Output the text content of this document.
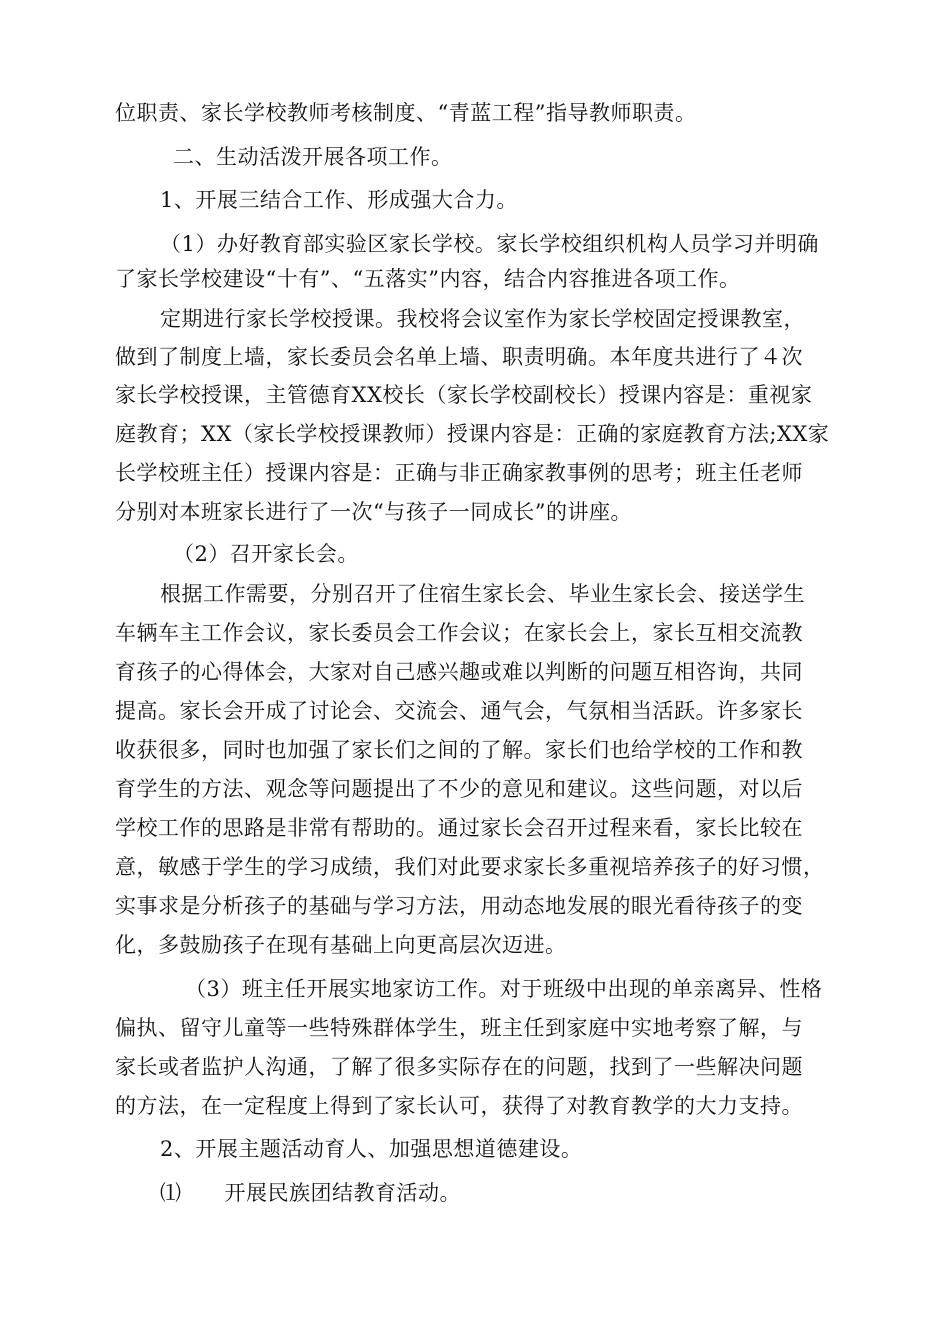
位职责、家长学校教师考核制度、“青蓝工程”指导教师职责。
二、生动活泼开展各项工作。
1、开展三结合工作、形成强大合力。
（1）办好教育部实验区家长学校。家长学校组织机构人员学习并明确
了家长学校建设“十有”、“五落实”内容，结合内容推进各项工作。
定期进行家长学校授课。我校将会议室作为家长学校固定授课教室，
做到了制度上墙，家长委员会名单上墙、职责明确。本年度共进行了４次
家长学校授课，主管德育XX校长（家长学校副校长）授课内容是：重视家
庭教育；XX（家长学校授课教师）授课内容是：正确的家庭教育方法;XX家
长学校班主任）授课内容是：正确与非正确家教事例的思考；班主任老师
分别对本班家长进行了一次“与孩子一同成长”的讲座。
（2）召开家长会。
根据工作需要，分别召开了住宿生家长会、毕业生家长会、接送学生
车辆车主工作会议，家长委员会工作会议；在家长会上，家长互相交流教
育孩子的心得体会，大家对自己感兴趣或难以判断的问题互相咨询，共同
提高。家长会开成了讨论会、交流会、通气会，气氛相当活跃。许多家长
收获很多，同时也加强了家长们之间的了解。家长们也给学校的工作和教
育学生的方法、观念等问题提出了不少的意见和建议。这些问题，对以后
学校工作的思路是非常有帮助的。通过家长会召开过程来看，家长比较在
意，敏感于学生的学习成绩，我们对此要求家长多重视培养孩子的好习惯，
实事求是分析孩子的基础与学习方法，用动态地发展的眼光看待孩子的变
化，多鼓励孩子在现有基础上向更高层次迈进。
（3）班主任开展实地家访工作。对于班级中出现的单亲离异、性格
偏执、留守儿童等一些特殊群体学生，班主任到家庭中实地考察了解，与
家长或者监护人沟通，了解了很多实际存在的问题，找到了一些解决问题
的方法，在一定程度上得到了家长认可，获得了对教育教学的大力支持。
2、开展主题活动育人、加强思想道德建设。
⑴　　开展民族团结教育活动。
